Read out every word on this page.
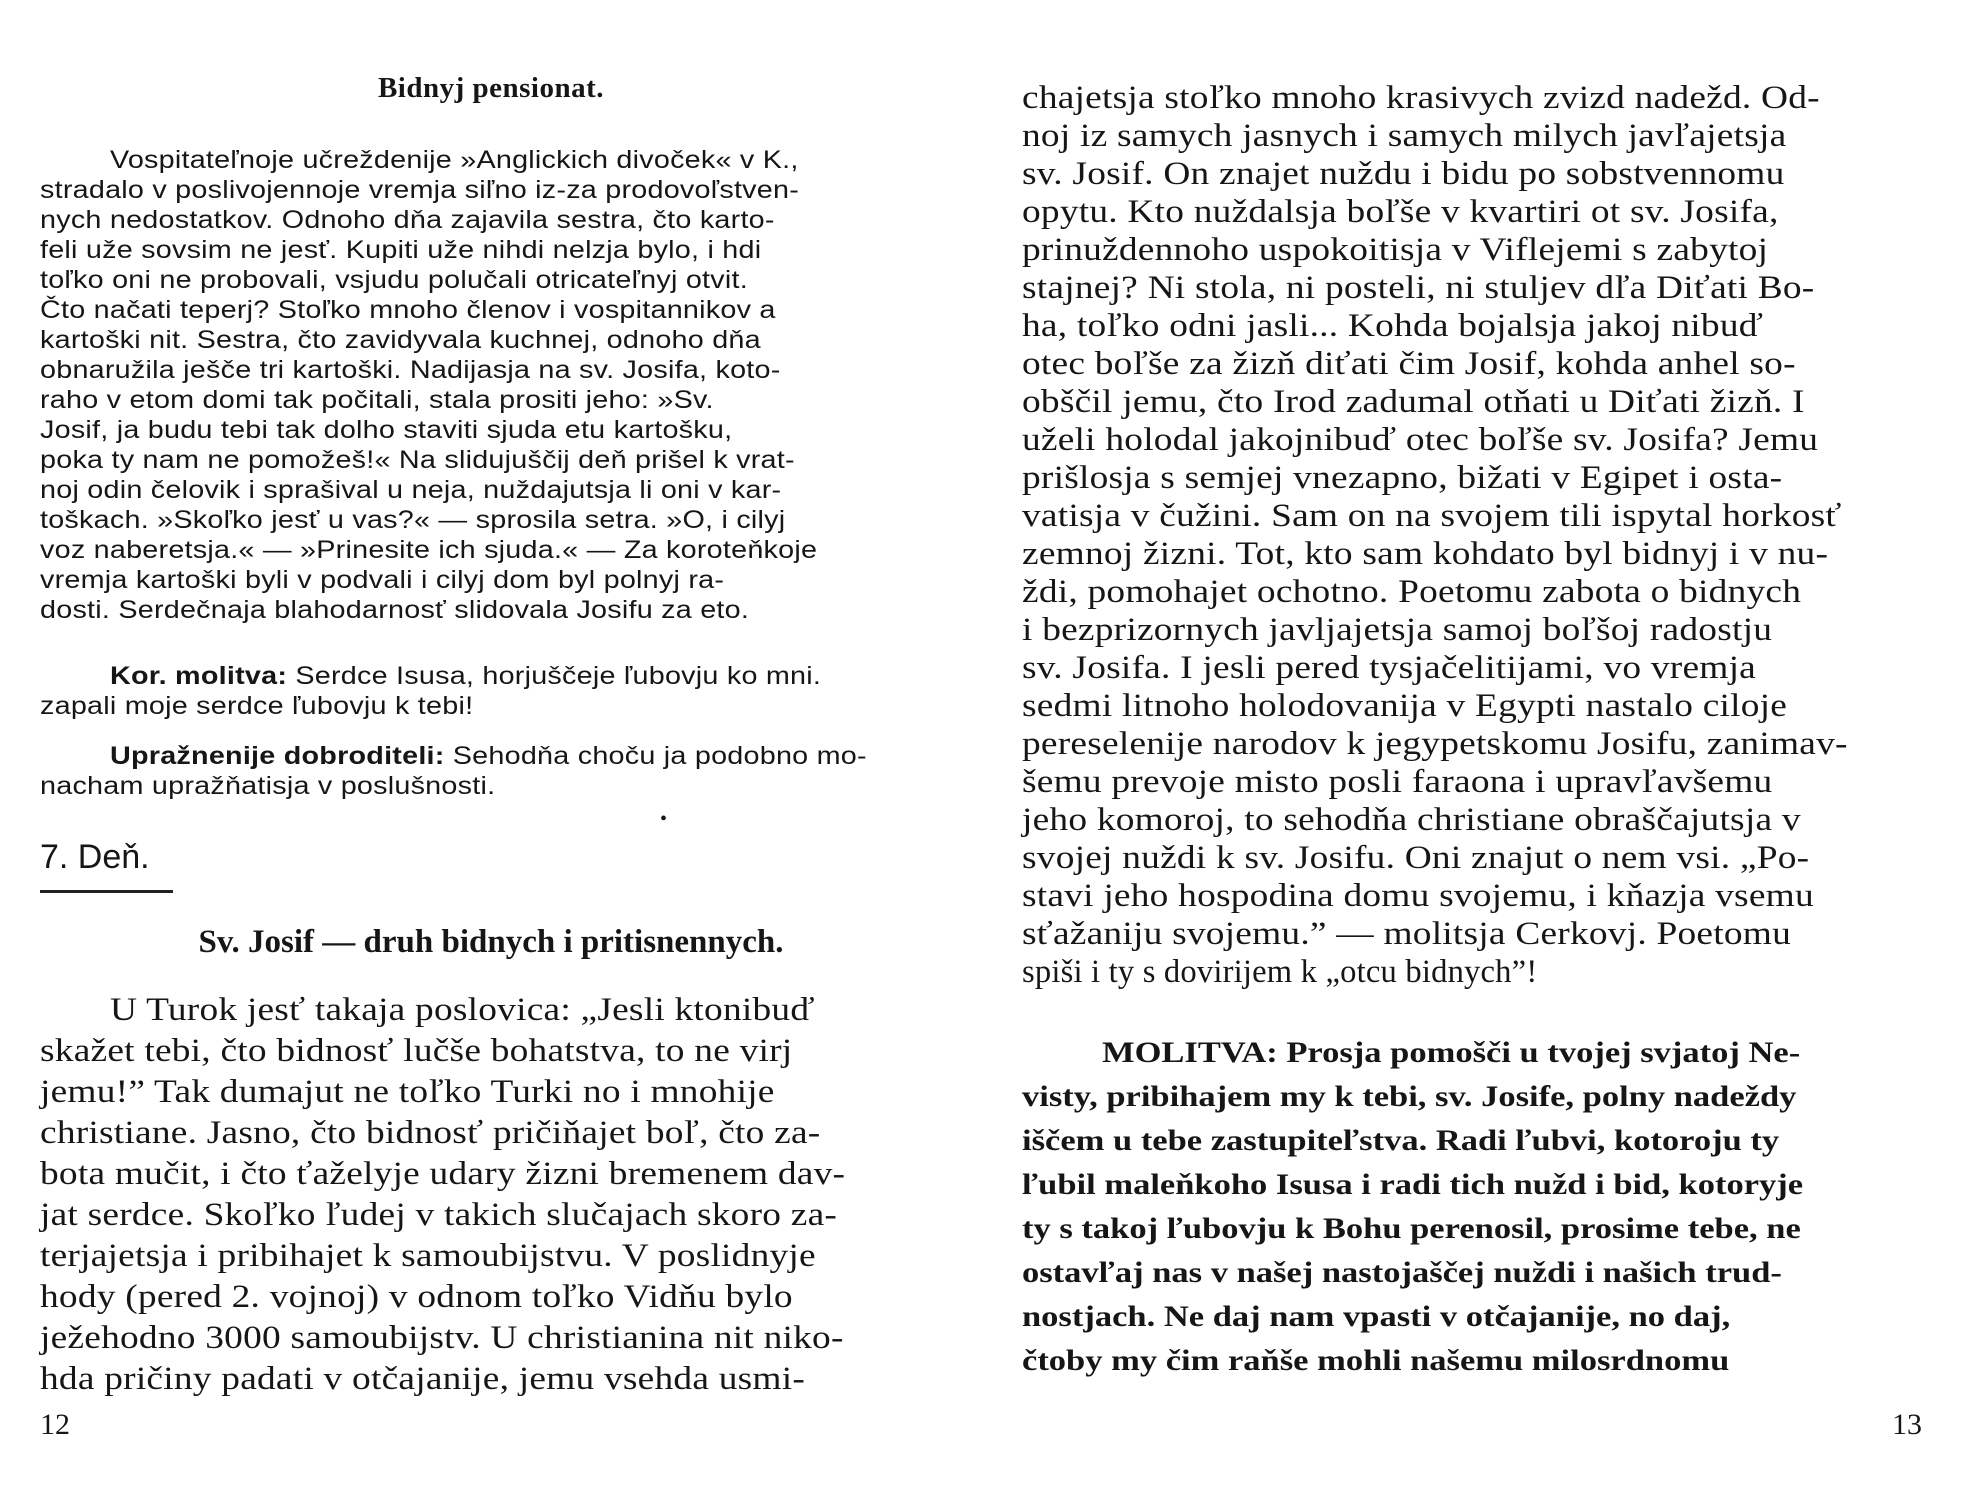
Bidnyj pensionat.
Vospitateľnoje učreždenije »Anglickich divoček« v K.,
stradalo v poslivojennoje vremja siľno iz-za prodovoľstven-
nych nedostatkov. Odnoho dňa zajavila sestra, čto karto-
feli uže sovsim ne jesť. Kupiti uže nihdi nelzja bylo, i hdi
toľko oni ne probovali, vsjudu polučali otricateľnyj otvit.
Čto načati teperj? Stoľko mnoho členov i vospitannikov a
kartoški nit. Sestra, čto zavidyvala kuchnej, odnoho dňa
obnaružila ješče tri kartoški. Nadijasja na sv. Josifa, koto-
raho v etom domi tak počitali, stala prositi jeho: »Sv.
Josif, ja budu tebi tak dolho staviti sjuda etu kartošku,
poka ty nam ne pomožeš!« Na slidujuščij deň prišel k vrat-
noj odin čelovik i sprašival u neja, nuždajutsja li oni v kar-
toškach. »Skoľko jesť u vas?« — sprosila setra. »O, i cilyj
voz naberetsja.« — »Prinesite ich sjuda.« — Za koroteňkoje
vremja kartoški byli v podvali i cilyj dom byl polnyj ra-
dosti. Serdečnaja blahodarnosť slidovala Josifu za eto.
Kor. molitva: Serdce Isusa, horjuščeje ľubovju ko mni.
zapali moje serdce ľubovju k tebi!
Upražnenije dobroditeli: Sehodňa choču ja podobno mo-
nacham upražňatisja v poslušnosti.
•
7. Deň.
Sv. Josif — druh bidnych i pritisnennych.
U Turok jesť takaja poslovica: „Jesli ktonibuď
skažet tebi, čto bidnosť lučše bohatstva, to ne virj
jemu!” Tak dumajut ne toľko Turki no i mnohije
christiane. Jasno, čto bidnosť pričiňajet boľ, čto za-
bota mučit, i čto ťaželyje udary žizni bremenem dav-
jat serdce. Skoľko ľudej v takich slučajach skoro za-
terjajetsja i pribihajet k samoubijstvu. V poslidnyje
hody (pered 2. vojnoj) v odnom toľko Vidňu bylo
ježehodno 3000 samoubijstv. U christianina nit niko-
hda pričiny padati v otčajanije, jemu vsehda usmi-
12
chajetsja stoľko mnoho krasivych zvizd nadežd. Od-
noj iz samych jasnych i samych milych javľajetsja
sv. Josif. On znajet nuždu i bidu po sobstvennomu
opytu. Kto nuždalsja boľše v kvartiri ot sv. Josifa,
prinuždennoho uspokoitisja v Viflejemi s zabytoj
stajnej? Ni stola, ni posteli, ni stuljev dľa Diťati Bo-
ha, toľko odni jasli... Kohda bojalsja jakoj nibuď
otec boľše za žizň diťati čim Josif, kohda anhel so-
obščil jemu, čto Irod zadumal otňati u Diťati žizň. I
uželi holodal jakojnibuď otec boľše sv. Josifa? Jemu
prišlosja s semjej vnezapno, bižati v Egipet i osta-
vatisja v čužini. Sam on na svojem tili ispytal horkosť
zemnoj žizni. Tot, kto sam kohdato byl bidnyj i v nu-
ždi, pomohajet ochotno. Poetomu zabota o bidnych
i bezprizornych javljajetsja samoj boľšoj radostju
sv. Josifa. I jesli pered tysjačelitijami, vo vremja
sedmi litnoho holodovanija v Egypti nastalo ciloje
pereselenije narodov k jegypetskomu Josifu, zanimav-
šemu prevoje misto posli faraona i upravľavšemu
jeho komoroj, to sehodňa christiane obraščajutsja v
svojej nuždi k sv. Josifu. Oni znajut o nem vsi. „Po-
stavi jeho hospodina domu svojemu, i kňazja vsemu
sťažaniju svojemu.” — molitsja Cerkovj. Poetomu
spiši i ty s dovirijem k „otcu bidnych”!
MOLITVA: Prosja pomošči u tvojej svjatoj Ne-
visty, pribihajem my k tebi, sv. Josife, polny nadeždy
iščem u tebe zastupiteľstva. Radi ľubvi, kotoroju ty
ľubil maleňkoho Isusa i radi tich nužd i bid, kotoryje
ty s takoj ľubovju k Bohu perenosil, prosime tebe, ne
ostavľaj nas v našej nastojaščej nuždi i našich trud-
nostjach. Ne daj nam vpasti v otčajanije, no daj,
čtoby my čim raňše mohli našemu milosrdnomu
13
